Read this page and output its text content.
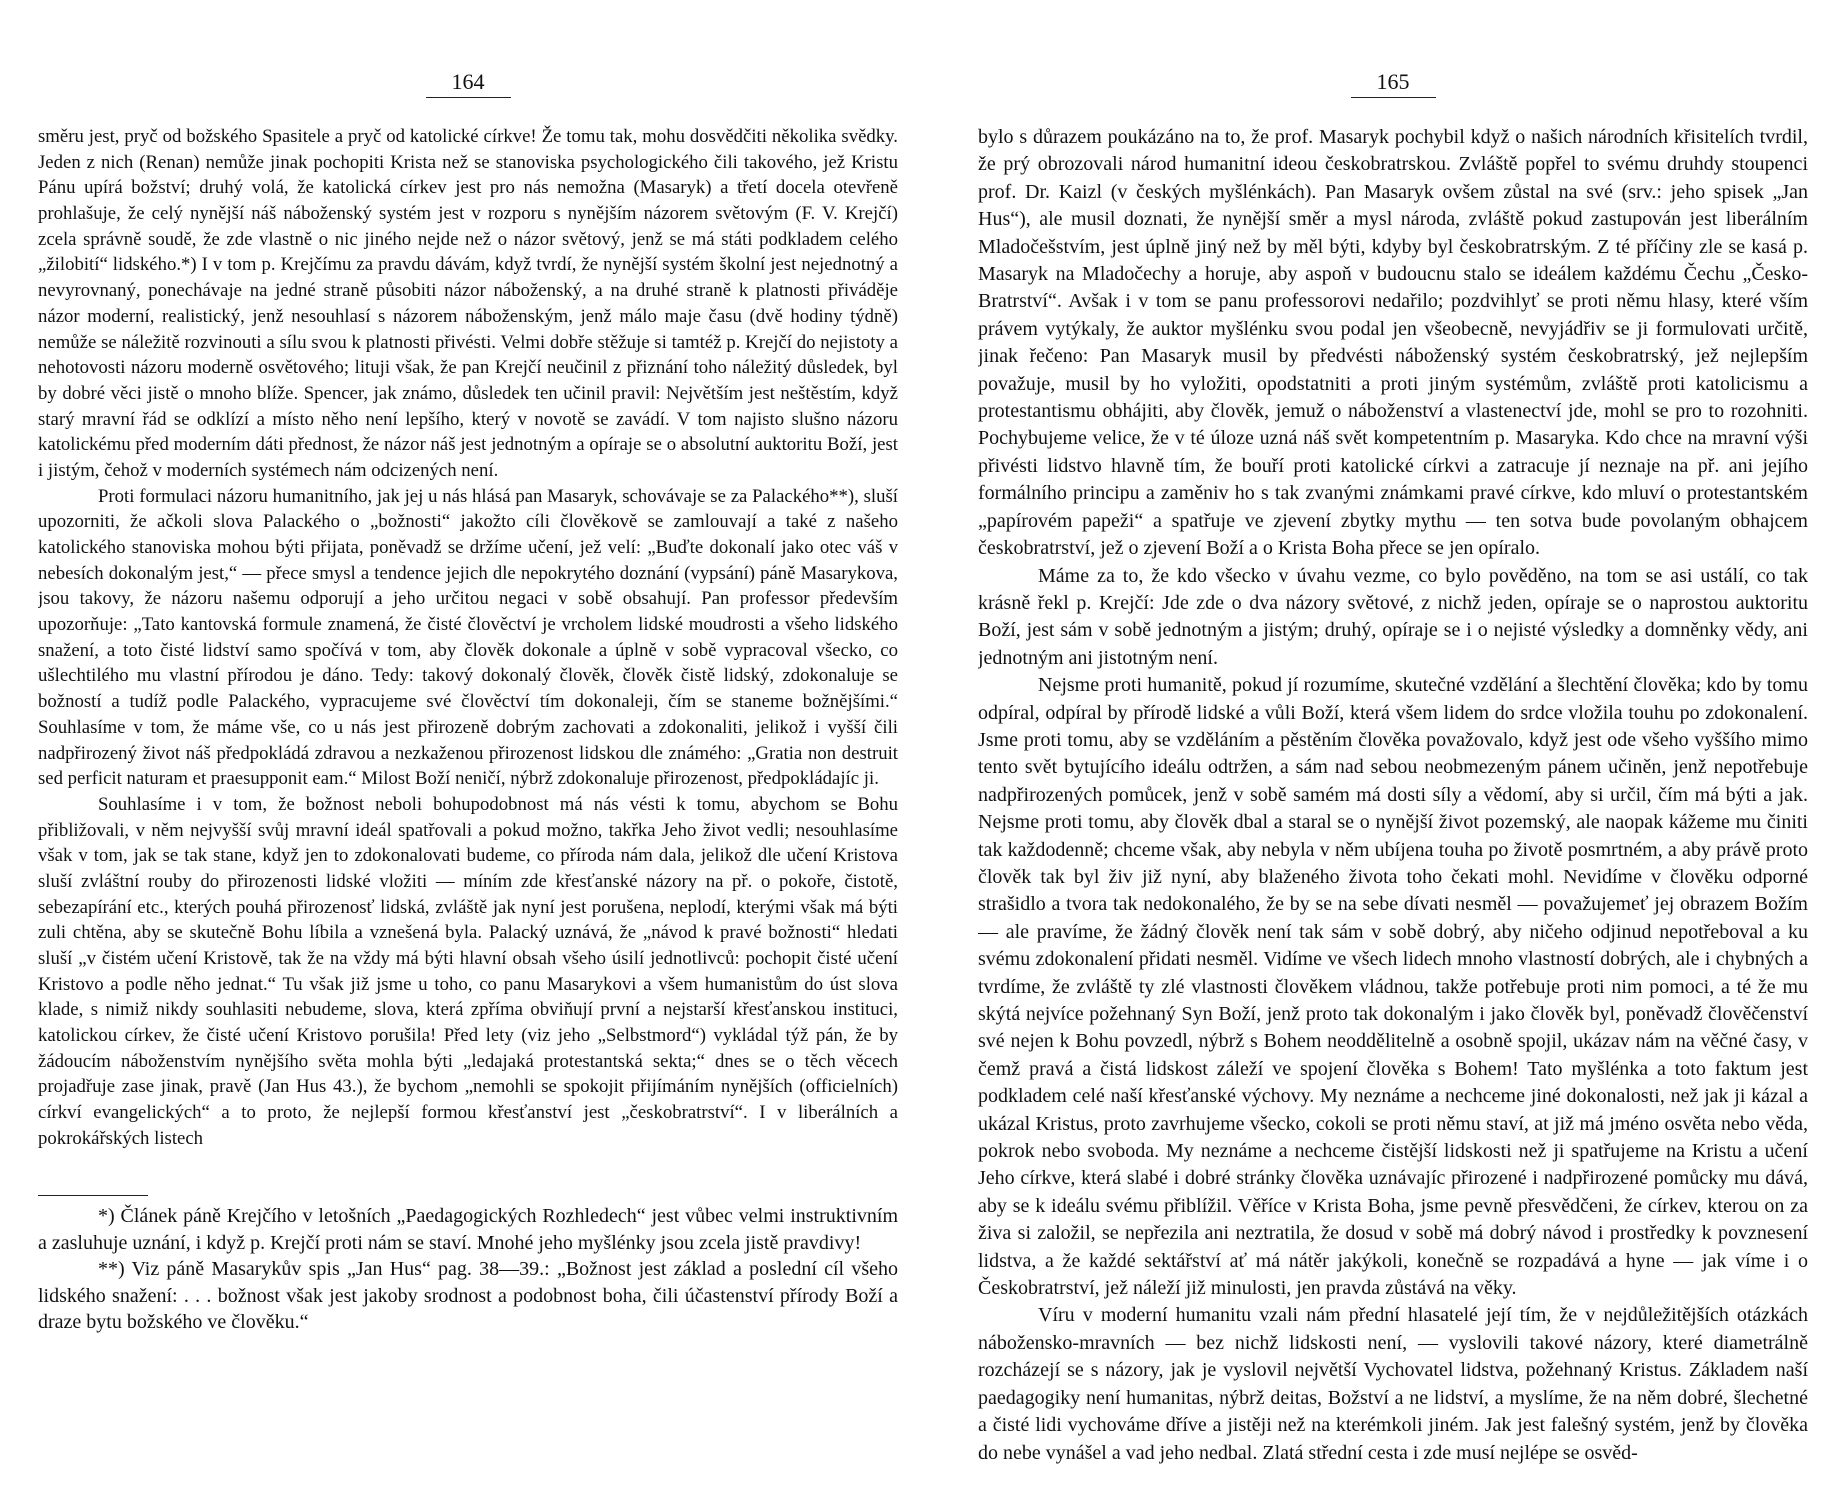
164

směru jest, pryč od božského Spasitele a pryč od katolické církve! Že tomu tak, mohu dosvědčiti několika svědky. Jeden z nich (Renan) nemůže jinak pochopiti Krista než se stanoviska psychologického čili takového, jež Kristu Pánu upírá božství; druhý volá, že katolická církev jest pro nás nemožna (Masaryk) a třetí docela otevřeně prohlašuje, že celý nynější náš náboženský systém jest v rozporu s nynějším názorem světovým (F. V. Krejčí) zcela správně soudě, že zde vlastně o nic jiného nejde než o názor světový, jenž se má státi podkladem celého „žilobití“ lidského.*) I v tom p. Krejčímu za pravdu dávám, když tvrdí, že nynější systém školní jest nejednotný a nevyrovnaný, ponechávaje na jedné straně působiti názor náboženský, a na druhé straně k platnosti přiváděje názor moderní, realistický, jenž nesouhlasí s názorem náboženským, jenž málo maje času (dvě hodiny týdně) nemůže se náležitě rozvinouti a sílu svou k platnosti přivésti. Velmi dobře stěžuje si tamtéž p. Krejčí do nejistoty a nehotovosti názoru moderně osvětového; lituji však, že pan Krejčí neučinil z přiznání toho náležitý důsledek, byl by dobré věci jistě o mnoho blíže. Spencer, jak známo, důsledek ten učinil pravil: Největším jest neštěstím, když starý mravní řád se odklízí a místo něho není lepšího, který v novotě se zavádí. V tom najisto slušno názoru katolickému před moderním dáti přednost, že názor náš jest jednotným a opíraje se o absolutní auktoritu Boží, jest i jistým, čehož v moderních systémech nám odcizených není.

Proti formulaci názoru humanitního, jak jej u nás hlásá pan Masaryk, schovávaje se za Palackého**), sluší upozorniti, že ačkoli slova Palackého o „božnosti“ jakožto cíli člověkově se zamlouvají a také z našeho katolického stanoviska mohou býti přijata, poněvadž se držíme učení, jež velí: „Buďte dokonalí jako otec váš v nebesích dokonalým jest,“ — přece smysl a tendence jejich dle nepokrytého doznání (vypsání) páně Masarykova, jsou takovy, že názoru našemu odporují a jeho určitou negaci v sobě obsahují. Pan professor především upozorňuje: „Tato kantovská formule znamená, že čisté člověctví je vrcholem lidské moudrosti a všeho lidského snažení, a toto čisté lidství samo spočívá v tom, aby člověk dokonale a úplně v sobě vypracoval všecko, co ušlechtilého mu vlastní přírodou je dáno. Tedy: takový dokonalý člověk, člověk čistě lidský, zdokonaluje se božností a tudíž podle Palackého, vypracujeme své člověctví tím dokonaleji, čím se staneme božnějšími.“ Souhlasíme v tom, že máme vše, co u nás jest přirozeně dobrým zachovati a zdokonaliti, jelikož i vyšší čili nadpřirozený život náš předpokládá zdravou a nezkaženou přirozenost lidskou dle známého: „Gratia non destruit sed perficit naturam et praesupponit eam.“ Milost Boží neničí, nýbrž zdokonaluje přirozenost, předpokládajíc ji.

Souhlasíme i v tom, že božnost neboli bohupodobnost má nás vésti k tomu, abychom se Bohu přibližovali, v něm nejvyšší svůj mravní ideál spatřovali a pokud možno, takřka Jeho život vedli; nesouhlasíme však v tom, jak se tak stane, když jen to zdokonalovati budeme, co příroda nám dala, jelikož dle učení Kristova sluší zvláštní rouby do přirozenosti lidské vložiti — míním zde křesťanské názory na př. o pokoře, čistotě, sebezapírání etc., kterých pouhá přirozenosť lidská, zvláště jak nyní jest porušena, neplodí, kterými však má býti zuli chtěna, aby se skutečně Bohu líbila a vznešená byla. Palacký uznává, že „návod k pravé božnosti“ hledati sluší „v čistém učení Kristově, tak že na vždy má býti hlavní obsah všeho úsilí jednotlivců: pochopit čisté učení Kristovo a podle něho jednat.“ Tu však již jsme u toho, co panu Masarykovi a všem humanistům do úst slova klade, s nimiž nikdy souhlasiti nebudeme, slova, která zpříma obviňují první a nejstarší křesťanskou instituci, katolickou církev, že čisté učení Kristovo porušila! Před lety (viz jeho „Selbstmord“) vykládal týž pán, že by žádoucím náboženstvím nynějšího světa mohla býti „ledajaká protestantská sekta;“ dnes se o těch věcech projadřuje zase jinak, pravě (Jan Hus 43.), že bychom „nemohli se spokojit přijímáním nynějších (officielních) církví evangelických“ a to proto, že nejlepší formou křesťanství jest „českobratrství“. I v liberálních a pokrokářských listech

*) Článek páně Krejčího v letošních „Paedagogických Rozhledech“ jest vůbec velmi instruktivním a zasluhuje uznání, i když p. Krejčí proti nám se staví. Mnohé jeho myšlénky jsou zcela jistě pravdivy!

**) Viz páně Masarykův spis „Jan Hus“ pag. 38—39.: „Božnost jest základ a poslední cíl všeho lidského snažení: . . . božnost však jest jakoby srodnost a podobnost boha, čili účastenství přírody Boží a draze bytu božského ve člověku.“

165

bylo s důrazem poukázáno na to, že prof. Masaryk pochybil když o našich národních křisitelích tvrdil, že prý obrozovali národ humanitní ideou českobratrskou. Zvláště popřel to svému druhdy stoupenci prof. Dr. Kaizl (v českých myšlénkách). Pan Masaryk ovšem zůstal na své (srv.: jeho spisek „Jan Hus“), ale musil doznati, že nynější směr a mysl národa, zvláště pokud zastupován jest liberálním Mladočešstvím, jest úplně jiný než by měl býti, kdyby byl českobratrským. Z té příčiny zle se kasá p. Masaryk na Mladočechy a horuje, aby aspoň v budoucnu stalo se ideálem každému Čechu „Česko-Bratrství“. Avšak i v tom se panu professorovi nedařilo; pozdvihlyť se proti němu hlasy, které vším právem vytýkaly, že auktor myšlénku svou podal jen všeobecně, nevyjádřiv se ji formulovati určitě, jinak řečeno: Pan Masaryk musil by předvésti náboženský systém českobratrský, jež nejlepším považuje, musil by ho vyložiti, opodstatniti a proti jiným systémům, zvláště proti katolicismu a protestantismu obhájiti, aby člověk, jemuž o náboženství a vlastenectví jde, mohl se pro to rozohniti. Pochybujeme velice, že v té úloze uzná náš svět kompetentním p. Masaryka. Kdo chce na mravní výši přivésti lidstvo hlavně tím, že bouří proti katolické církvi a zatracuje jí neznaje na př. ani jejího formálního principu a zaměniv ho s tak zvanými známkami pravé církve, kdo mluví o protestantském „papírovém papeži“ a spatřuje ve zjevení zbytky mythu — ten sotva bude povolaným obhajcem českobratrství, jež o zjevení Boží a o Krista Boha přece se jen opíralo.

Máme za to, že kdo všecko v úvahu vezme, co bylo pověděno, na tom se asi ustálí, co tak krásně řekl p. Krejčí: Jde zde o dva názory světové, z nichž jeden, opíraje se o naprostou auktoritu Boží, jest sám v sobě jednotným a jistým; druhý, opíraje se i o nejisté výsledky a domněnky vědy, ani jednotným ani jistotným není.

Nejsme proti humanitě, pokud jí rozumíme, skutečné vzdělání a šlechtění člověka; kdo by tomu odpíral, odpíral by přírodě lidské a vůli Boží, která všem lidem do srdce vložila touhu po zdokonalení. Jsme proti tomu, aby se vzděláním a pěstěním člověka považovalo, když jest ode všeho vyššího mimo tento svět bytujícího ideálu odtržen, a sám nad sebou neobmezeným pánem učiněn, jenž nepotřebuje nadpřirozených pomůcek, jenž v sobě samém má dosti síly a vědomí, aby si určil, čím má býti a jak. Nejsme proti tomu, aby člověk dbal a staral se o nynější život pozemský, ale naopak kážeme mu činiti tak každodenně; chceme však, aby nebyla v něm ubíjena touha po životě posmrtném, a aby právě proto člověk tak byl živ již nyní, aby blaženého života toho čekati mohl. Nevidíme v člověku odporné strašidlo a tvora tak nedokonalého, že by se na sebe dívati nesměl — považujemeť jej obrazem Božím — ale pravíme, že žádný člověk není tak sám v sobě dobrý, aby ničeho odjinud nepotřeboval a ku svému zdokonalení přidati nesměl. Vidíme ve všech lidech mnoho vlastností dobrých, ale i chybných a tvrdíme, že zvláště ty zlé vlastnosti člověkem vládnou, takže potřebuje proti nim pomoci, a té že mu skýtá nejvíce požehnaný Syn Boží, jenž proto tak dokonalým i jako člověk byl, poněvadž člověčenství své nejen k Bohu povzedl, nýbrž s Bohem neoddělitelně a osobně spojil, ukázav nám na věčné časy, v čemž pravá a čistá lidskost záleží ve spojení člověka s Bohem! Tato myšlénka a toto faktum jest podkladem celé naší křesťanské výchovy. My neznáme a nechceme jiné dokonalosti, než jak ji kázal a ukázal Kristus, proto zavrhujeme všecko, cokoli se proti němu staví, at již má jméno osvěta nebo věda, pokrok nebo svoboda. My neznáme a nechceme čistější lidskosti než ji spatřujeme na Kristu a učení Jeho církve, která slabé i dobré stránky člověka uznávajíc přirozené i nadpřirozené pomůcky mu dává, aby se k ideálu svému přiblížil. Věříce v Krista Boha, jsme pevně přesvědčeni, že církev, kterou on za živa si založil, se nepřezila ani neztratila, že dosud v sobě má dobrý návod i prostředky k povznesení lidstva, a že každé sektářství ať má nátěr jakýkoli, konečně se rozpadává a hyne — jak víme i o Českobratrství, jež náleží již minulosti, jen pravda zůstává na věky.

Víru v moderní humanitu vzali nám přední hlasatelé její tím, že v nejdůležitějších otázkách nábožensko-mravních — bez nichž lidskosti není, — vyslovili takové názory, které diametrálně rozcházejí se s názory, jak je vyslovil největší Vychovatel lidstva, požehnaný Kristus. Základem naší paedagogiky není humanitas, nýbrž deitas, Božství a ne lidství, a myslíme, že na něm dobré, šlechetné a čisté lidi vychováme dříve a jistěji než na kterémkoli jiném. Jak jest falešný systém, jenž by člověka do nebe vynášel a vad jeho nedbal. Zlatá střední cesta i zde musí nejlépe se osvěd-
